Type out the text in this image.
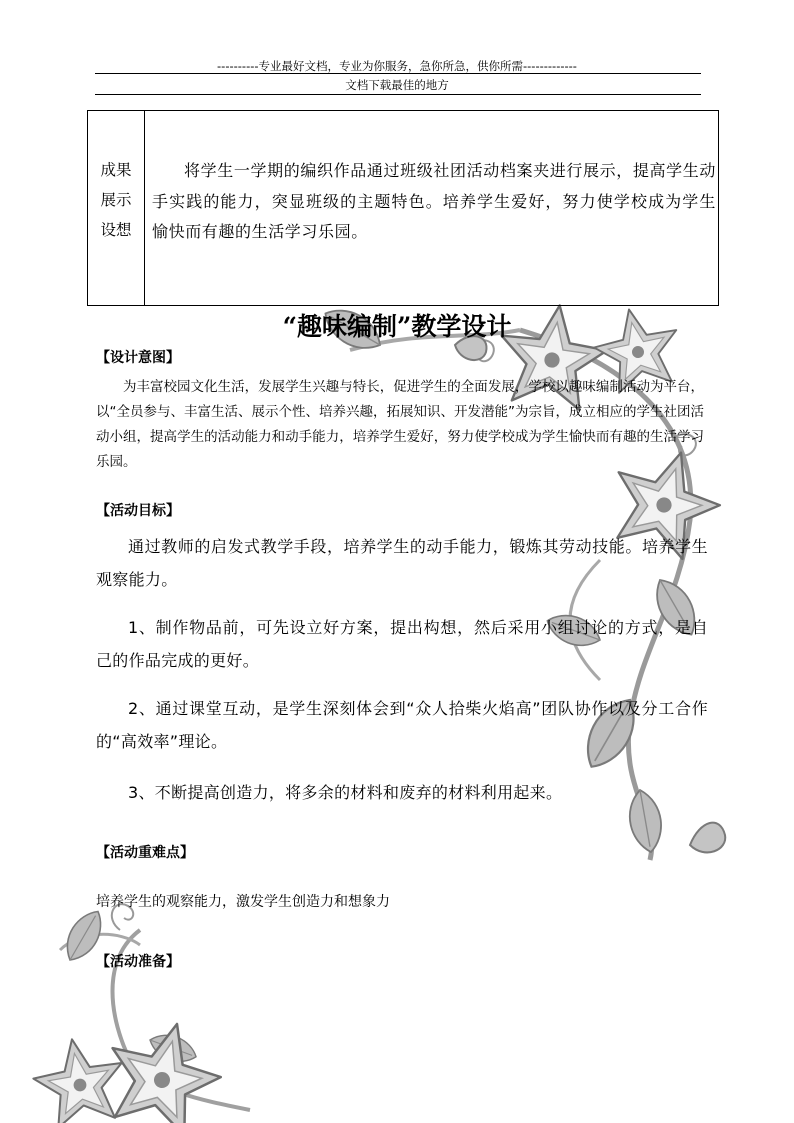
----------专业最好文档，专业为你服务，急你所急，供你所需-------------
文档下载最佳的地方
成果
展示
设想
将学生一学期的编织作品通过班级社团活动档案夹进行展示，提高学生动手实践的能力，突显班级的主题特色。培养学生爱好，努力使学校成为学生愉快而有趣的生活学习乐园。
“趣味编制”教学设计
【设计意图】
为丰富校园文化生活，发展学生兴趣与特长，促进学生的全面发展，学校以趣味编制活动为平台，以“全员参与、丰富生活、展示个性、培养兴趣，拓展知识、开发潜能”为宗旨，成立相应的学生社团活动小组，提高学生的活动能力和动手能力，培养学生爱好，努力使学校成为学生愉快而有趣的生活学习乐园。
【活动目标】
通过教师的启发式教学手段，培养学生的动手能力，锻炼其劳动技能。培养学生观察能力。
1、制作物品前，可先设立好方案，提出构想，然后采用小组讨论的方式，是自己的作品完成的更好。
2、通过课堂互动，是学生深刻体会到“众人拾柴火焰高”团队协作以及分工合作的“高效率”理论。
3、不断提高创造力，将多余的材料和废弃的材料利用起来。
【活动重难点】
培养学生的观察能力，激发学生创造力和想象力
【活动准备】
